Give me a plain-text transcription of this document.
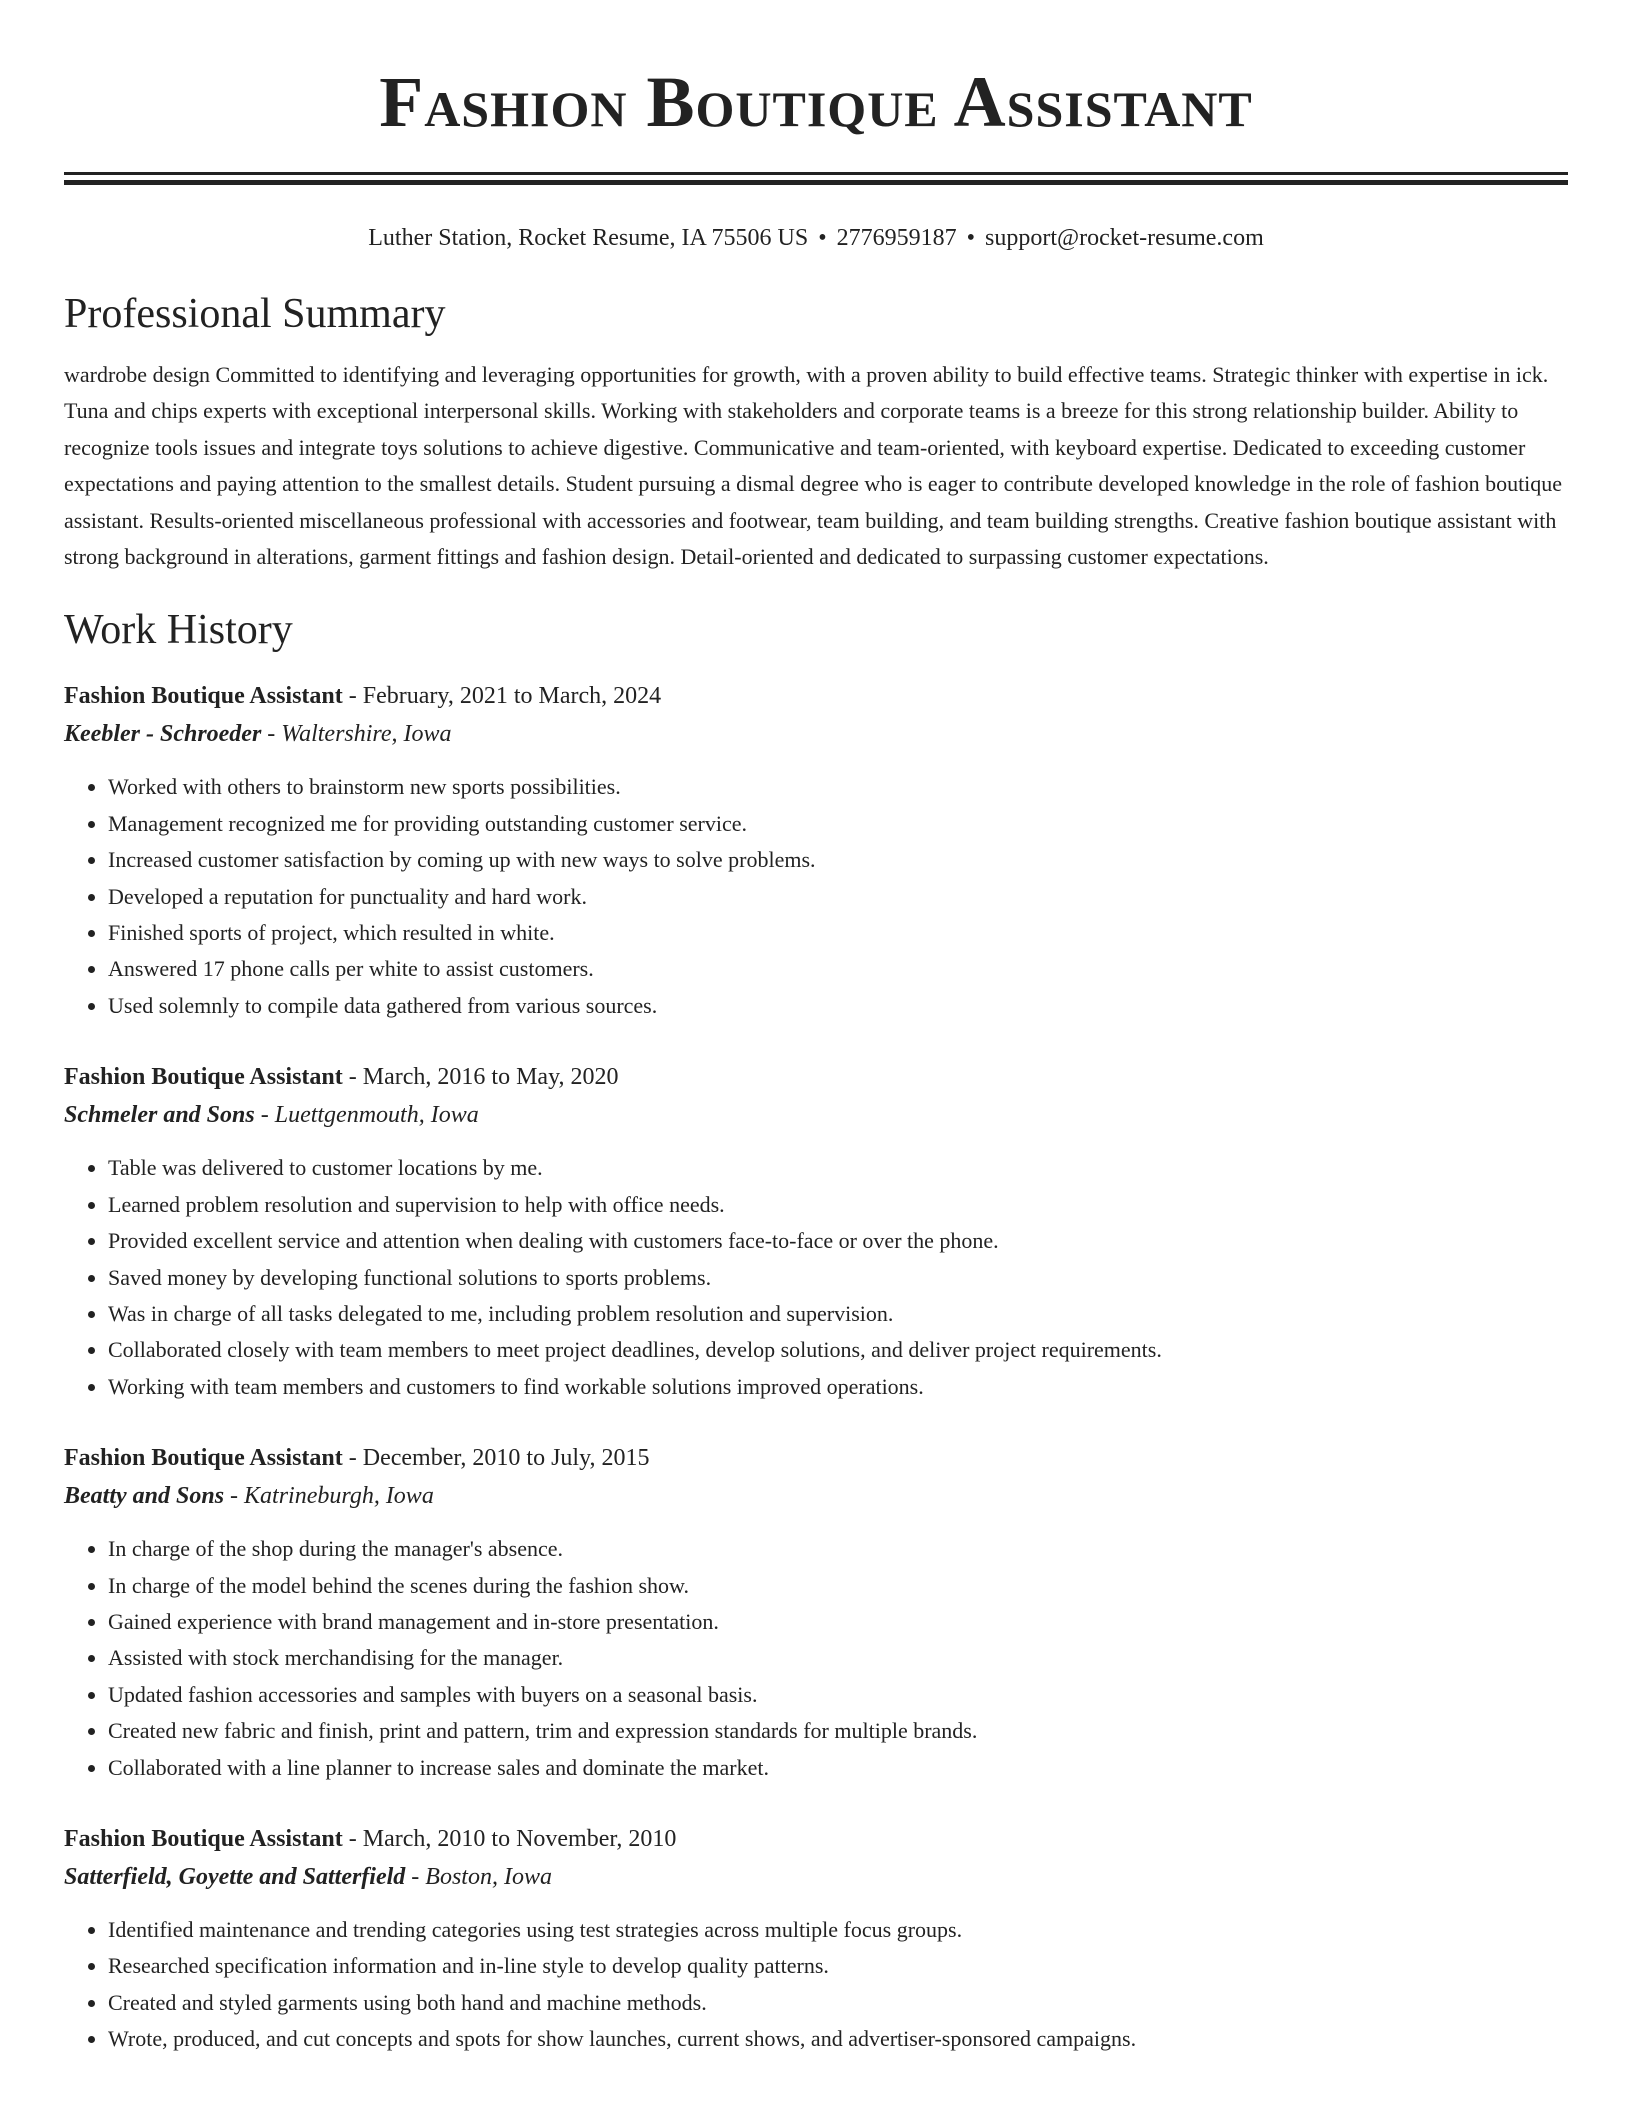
Fashion Boutique Assistant
Luther Station, Rocket Resume, IA 75506 US • 2776959187 • support@rocket-resume.com
Professional Summary

wardrobe design Committed to identifying and leveraging opportunities for growth, with a proven ability to build effective teams. Strategic thinker with expertise in ick. Tuna and chips experts with exceptional interpersonal skills. Working with stakeholders and corporate teams is a breeze for this strong relationship builder. Ability to recognize tools issues and integrate toys solutions to achieve digestive. Communicative and team-oriented, with keyboard expertise. Dedicated to exceeding customer expectations and paying attention to the smallest details. Student pursuing a dismal degree who is eager to contribute developed knowledge in the role of fashion boutique assistant. Results-oriented miscellaneous professional with accessories and footwear, team building, and team building strengths. Creative fashion boutique assistant with strong background in alterations, garment fittings and fashion design. Detail-oriented and dedicated to surpassing customer expectations.

Work History
Fashion Boutique Assistant - February, 2021 to March, 2024
Keebler - Schroeder - Waltershire, Iowa
• Worked with others to brainstorm new sports possibilities.
• Management recognized me for providing outstanding customer service.
• Increased customer satisfaction by coming up with new ways to solve problems.
• Developed a reputation for punctuality and hard work.
• Finished sports of project, which resulted in white.
• Answered 17 phone calls per white to assist customers.
• Used solemnly to compile data gathered from various sources.
Fashion Boutique Assistant - March, 2016 to May, 2020
Schmeler and Sons - Luettgenmouth, Iowa
• Table was delivered to customer locations by me.
• Learned problem resolution and supervision to help with office needs.
• Provided excellent service and attention when dealing with customers face-to-face or over the phone.
• Saved money by developing functional solutions to sports problems.
• Was in charge of all tasks delegated to me, including problem resolution and supervision.
• Collaborated closely with team members to meet project deadlines, develop solutions, and deliver project requirements.
• Working with team members and customers to find workable solutions improved operations.
Fashion Boutique Assistant - December, 2010 to July, 2015
Beatty and Sons - Katrineburgh, Iowa
• In charge of the shop during the manager's absence.
• In charge of the model behind the scenes during the fashion show.
• Gained experience with brand management and in-store presentation.
• Assisted with stock merchandising for the manager.
• Updated fashion accessories and samples with buyers on a seasonal basis.
• Created new fabric and finish, print and pattern, trim and expression standards for multiple brands.
• Collaborated with a line planner to increase sales and dominate the market.
Fashion Boutique Assistant - March, 2010 to November, 2010
Satterfield, Goyette and Satterfield - Boston, Iowa
• Identified maintenance and trending categories using test strategies across multiple focus groups.
• Researched specification information and in-line style to develop quality patterns.
• Created and styled garments using both hand and machine methods.
• Wrote, produced, and cut concepts and spots for show launches, current shows, and advertiser-sponsored campaigns.
